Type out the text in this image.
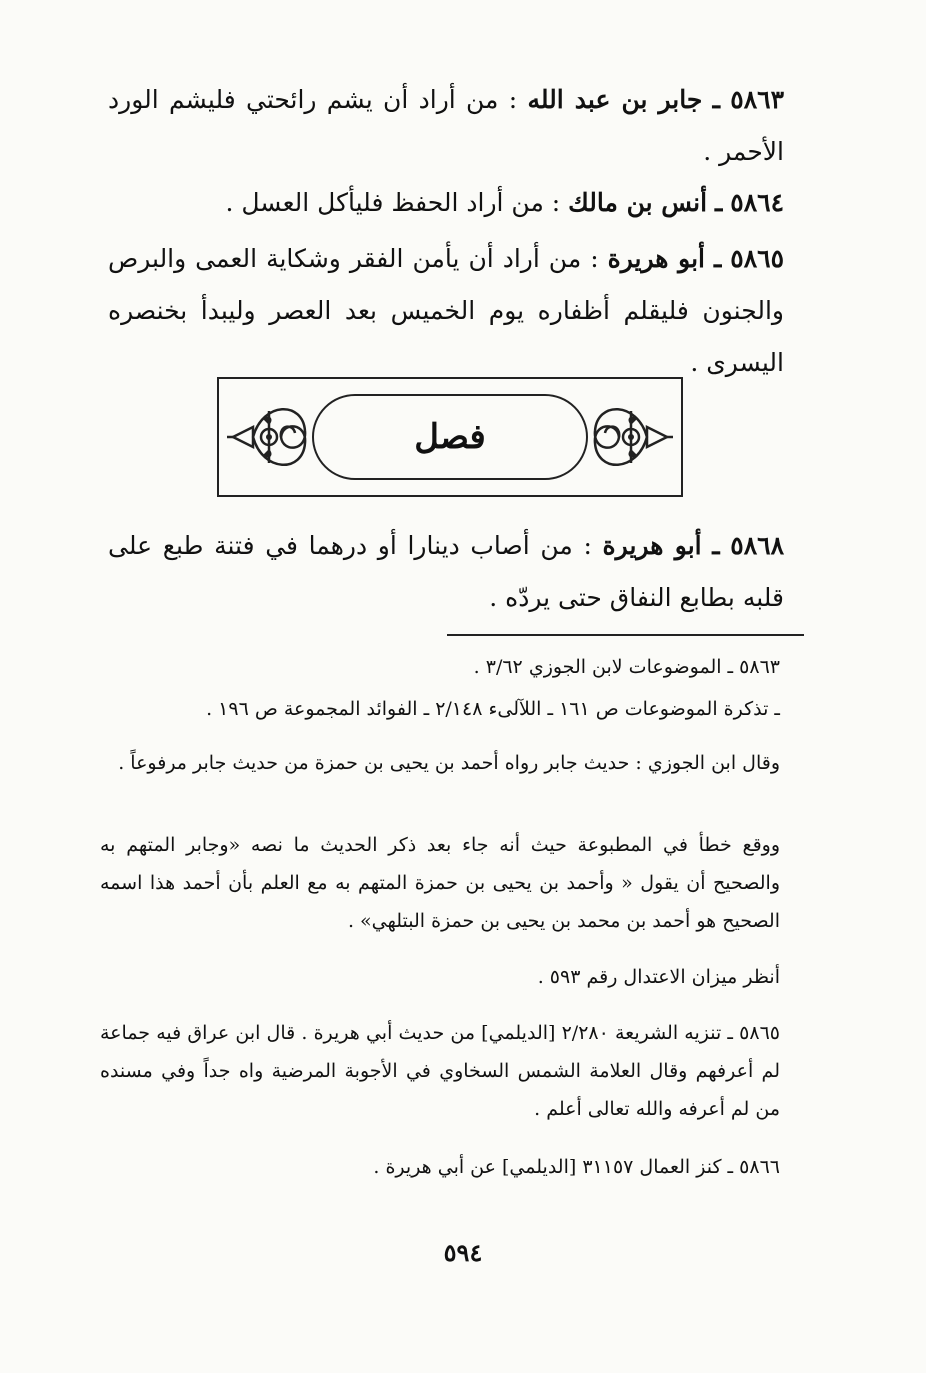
٥٨٦٣ ـ جابر بن عبد الله : من أراد أن يشم رائحتي فليشم الورد الأحمر .
٥٨٦٤ ـ أنس بن مالك : من أراد الحفظ فليأكل العسل .
٥٨٦٥ ـ أبو هريرة : من أراد أن يأمن الفقر وشكاية العمى والبرص والجنون فليقلم أظفاره يوم الخميس بعد العصر وليبدأ بخنصره اليسرى .
فصل
٥٨٦٨ ـ أبو هريرة : من أصاب دينارا أو درهما في فتنة طبع على قلبه بطابع النفاق حتى يردّه .
٥٨٦٣ ـ الموضوعات لابن الجوزي ٣/٦٢ .
ـ تذكرة الموضوعات ص ١٦١ ـ اللآلىء ٢/١٤٨ ـ الفوائد المجموعة ص ١٩٦ .
وقال ابن الجوزي : حديث جابر رواه أحمد بن يحيى بن حمزة من حديث جابر مرفوعاً .
ووقع خطأ في المطبوعة حيث أنه جاء بعد ذكر الحديث ما نصه «وجابر المتهم به والصحيح أن يقول « وأحمد بن يحيى بن حمزة المتهم به مع العلم بأن أحمد هذا اسمه الصحيح هو أحمد بن محمد بن يحيى بن حمزة البتلهي» .
أنظر ميزان الاعتدال رقم ٥٩٣ .
٥٨٦٥ ـ تنزيه الشريعة ٢/٢٨٠ [الديلمي] من حديث أبي هريرة . قال ابن عراق فيه جماعة لم أعرفهم وقال العلامة الشمس السخاوي في الأجوبة المرضية واه جداً وفي مسنده من لم أعرفه والله تعالى أعلم .
٥٨٦٦ ـ كنز العمال ٣١١٥٧ [الديلمي] عن أبي هريرة .
٥٩٤
